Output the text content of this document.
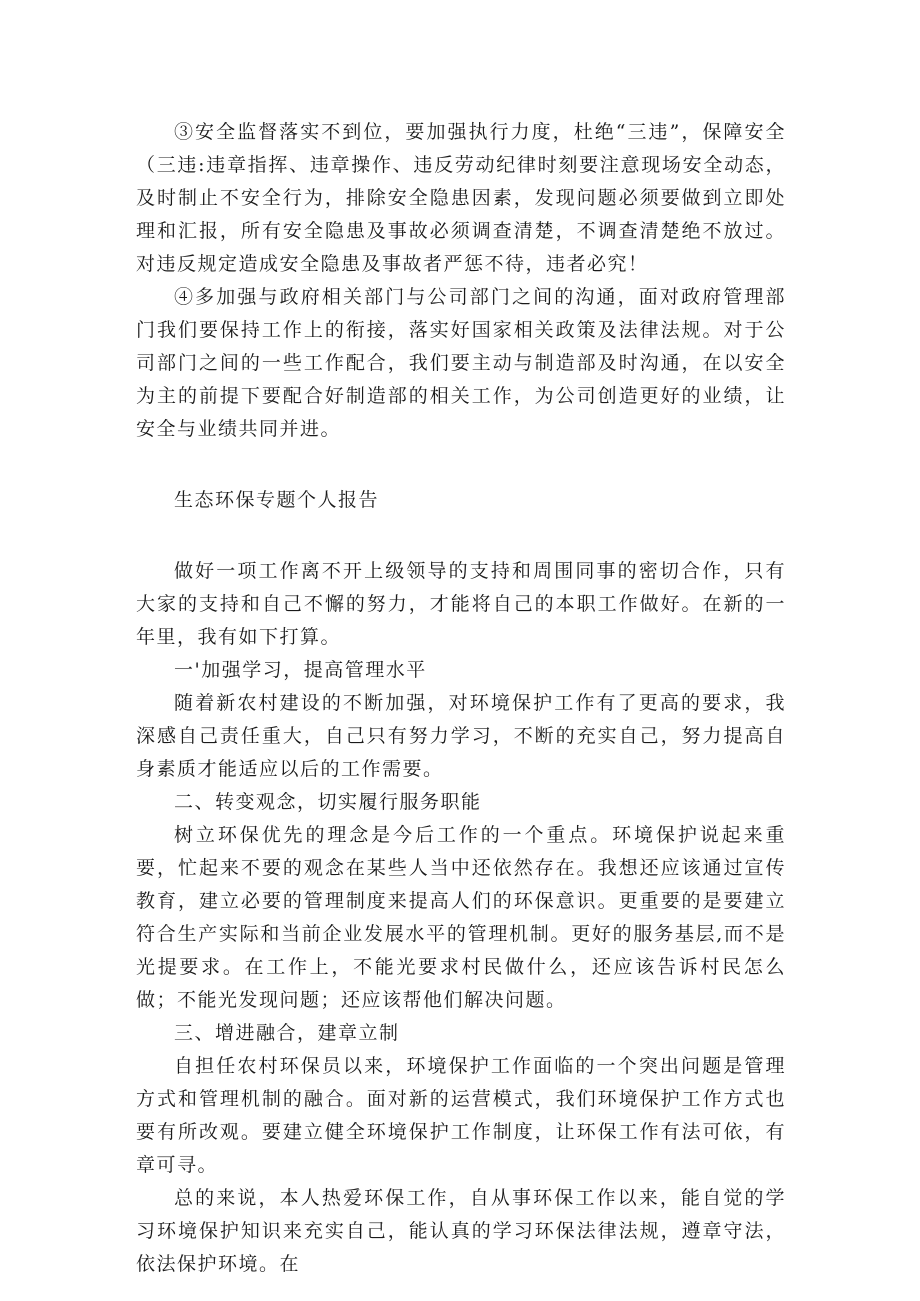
③安全监督落实不到位，要加强执行力度，杜绝“三违”，保障安全（三违:违章指挥、违章操作、违反劳动纪律时刻要注意现场安全动态，及时制止不安全行为，排除安全隐患因素，发现问题必须要做到立即处理和汇报，所有安全隐患及事故必须调查清楚，不调查清楚绝不放过。对违反规定造成安全隐患及事故者严惩不待，违者必究！

④多加强与政府相关部门与公司部门之间的沟通，面对政府管理部门我们要保持工作上的衔接，落实好国家相关政策及法律法规。对于公司部门之间的一些工作配合，我们要主动与制造部及时沟通，在以安全为主的前提下要配合好制造部的相关工作，为公司创造更好的业绩，让安全与业绩共同并进。

生态环保专题个人报告

做好一项工作离不开上级领导的支持和周围同事的密切合作，只有大家的支持和自己不懈的努力，才能将自己的本职工作做好。在新的一年里，我有如下打算。

一'加强学习，提高管理水平

随着新农村建设的不断加强，对环境保护工作有了更高的要求，我深感自己责任重大，自己只有努力学习，不断的充实自己，努力提高自身素质才能适应以后的工作需要。

二、转变观念，切实履行服务职能

树立环保优先的理念是今后工作的一个重点。环境保护说起来重要，忙起来不要的观念在某些人当中还依然存在。我想还应该通过宣传教育，建立必要的管理制度来提高人们的环保意识。更重要的是要建立符合生产实际和当前企业发展水平的管理机制。更好的服务基层,而不是光提要求。在工作上，不能光要求村民做什么，还应该告诉村民怎么做；不能光发现问题；还应该帮他们解决问题。

三、增进融合，建章立制

自担任农村环保员以来，环境保护工作面临的一个突出问题是管理方式和管理机制的融合。面对新的运营模式，我们环境保护工作方式也要有所改观。要建立健全环境保护工作制度，让环保工作有法可依，有章可寻。

总的来说，本人热爱环保工作，自从事环保工作以来，能自觉的学习环境保护知识来充实自己，能认真的学习环保法律法规，遵章守法，依法保护环境。在
